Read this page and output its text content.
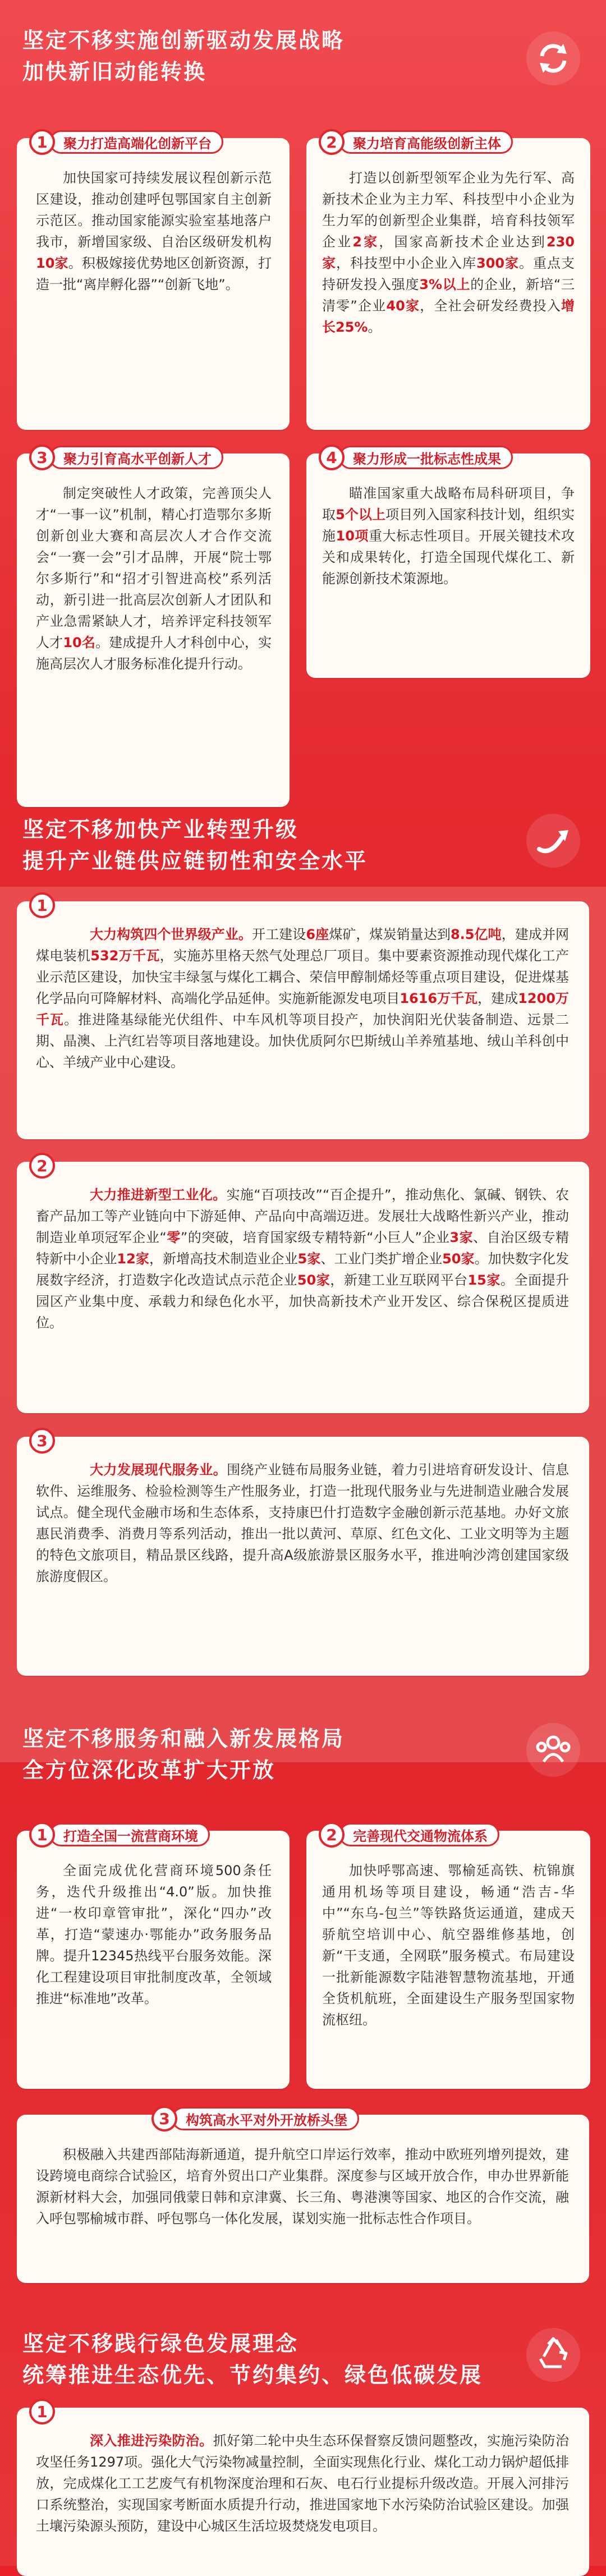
坚定不移实施创新驱动发展战略
加快新旧动能转换
1	聚力打造高端化创新平台
加快国家可持续发展议程创新示范区建设，推动创建呼包鄂国家自主创新示范区。推动国家能源实验室基地落户我市，新增国家级、自治区级研发机构10家。积极嫁接优势地区创新资源，打造一批“离岸孵化器”“创新飞地”。
2	聚力培育高能级创新主体
打造以创新型领军企业为先行军、高新技术企业为主力军、科技型中小企业为生力军的创新型企业集群，培育科技领军企业2家，国家高新技术企业达到230家，科技型中小企业入库300家。重点支持研发投入强度3%以上的企业，新培“三清零”企业40家，全社会研发经费投入增长25%。
3	聚力引育高水平创新人才
制定突破性人才政策，完善顶尖人才“一事一议”机制，精心打造鄂尔多斯创新创业大赛和高层次人才合作交流会“一赛一会”引才品牌，开展“院士鄂尔多斯行”和“招才引智进高校”系列活动，新引进一批高层次创新人才团队和产业急需紧缺人才，培养评定科技领军人才10名。建成提升人才科创中心，实施高层次人才服务标准化提升行动。
4	聚力形成一批标志性成果
瞄准国家重大战略布局科研项目，争取5个以上项目列入国家科技计划，组织实施10项重大标志性项目。开展关键技术攻关和成果转化，打造全国现代煤化工、新能源创新技术策源地。
坚定不移加快产业转型升级
提升产业链供应链韧性和安全水平
1
大力构筑四个世界级产业。开工建设6座煤矿，煤炭销量达到8.5亿吨，建成并网煤电装机532万千瓦，实施苏里格天然气处理总厂项目。集中要素资源推动现代煤化工产业示范区建设，加快宝丰绿氢与煤化工耦合、荣信甲醇制烯烃等重点项目建设，促进煤基化学品向可降解材料、高端化学品延伸。实施新能源发电项目1616万千瓦，建成1200万千瓦。推进隆基绿能光伏组件、中车风机等项目投产，加快润阳光伏装备制造、远景二期、晶澳、上汽红岩等项目落地建设。加快优质阿尔巴斯绒山羊养殖基地、绒山羊科创中心、羊绒产业中心建设。
2
大力推进新型工业化。实施“百项技改”“百企提升”，推动焦化、氯碱、钢铁、农畜产品加工等产业链向中下游延伸、产品向中高端迈进。发展壮大战略性新兴产业，推动制造业单项冠军企业“零”的突破，培育国家级专精特新“小巨人”企业3家、自治区级专精特新中小企业12家，新增高技术制造业企业5家、工业门类扩增企业50家。加快数字化发展数字经济，打造数字化改造试点示范企业50家，新建工业互联网平台15家。全面提升园区产业集中度、承载力和绿色化水平，加快高新技术产业开发区、综合保税区提质进位。
3
大力发展现代服务业。围绕产业链布局服务业链，着力引进培育研发设计、信息软件、运维服务、检验检测等生产性服务业，打造一批现代服务业与先进制造业融合发展试点。健全现代金融市场和生态体系，支持康巴什打造数字金融创新示范基地。办好文旅惠民消费季、消费月等系列活动，推出一批以黄河、草原、红色文化、工业文明等为主题的特色文旅项目，精品景区线路，提升高A级旅游景区服务水平，推进响沙湾创建国家级旅游度假区。
坚定不移服务和融入新发展格局
全方位深化改革扩大开放
1	打造全国一流营商环境
全面完成优化营商环境500条任务，迭代升级推出“4.0”版。加快推进“一枚印章管审批”，深化“四办”改革，打造“蒙速办·鄂能办”政务服务品牌。提升12345热线平台服务效能。深化工程建设项目审批制度改革，全领域推进“标准地”改革。
2	完善现代交通物流体系
加快呼鄂高速、鄂榆延高铁、杭锦旗通用机场等项目建设，畅通“浩吉-华中”“东乌-包兰”等铁路货运通道，建成天骄航空培训中心、航空器维修基地，创新“干支通，全网联”服务模式。布局建设一批新能源数字陆港智慧物流基地，开通全货机航班，全面建设生产服务型国家物流枢纽。
3	构筑高水平对外开放桥头堡
积极融入共建西部陆海新通道，提升航空口岸运行效率，推动中欧班列增列提效，建设跨境电商综合试验区，培育外贸出口产业集群。深度参与区域开放合作，申办世界新能源新材料大会，加强同俄蒙日韩和京津冀、长三角、粤港澳等国家、地区的合作交流，融入呼包鄂榆城市群、呼包鄂乌一体化发展，谋划实施一批标志性合作项目。
坚定不移践行绿色发展理念
统筹推进生态优先、节约集约、绿色低碳发展
1
深入推进污染防治。抓好第二轮中央生态环保督察反馈问题整改，实施污染防治攻坚任务1297项。强化大气污染物减量控制，全面实现焦化行业、煤化工动力锅炉超低排放，完成煤化工工艺废气有机物深度治理和石灰、电石行业提标升级改造。开展入河排污口系统整治，实现国家考断面水质提升行动，推进国家地下水污染防治试验区建设。加强土壤污染源头预防，建设中心城区生活垃圾焚烧发电项目。
